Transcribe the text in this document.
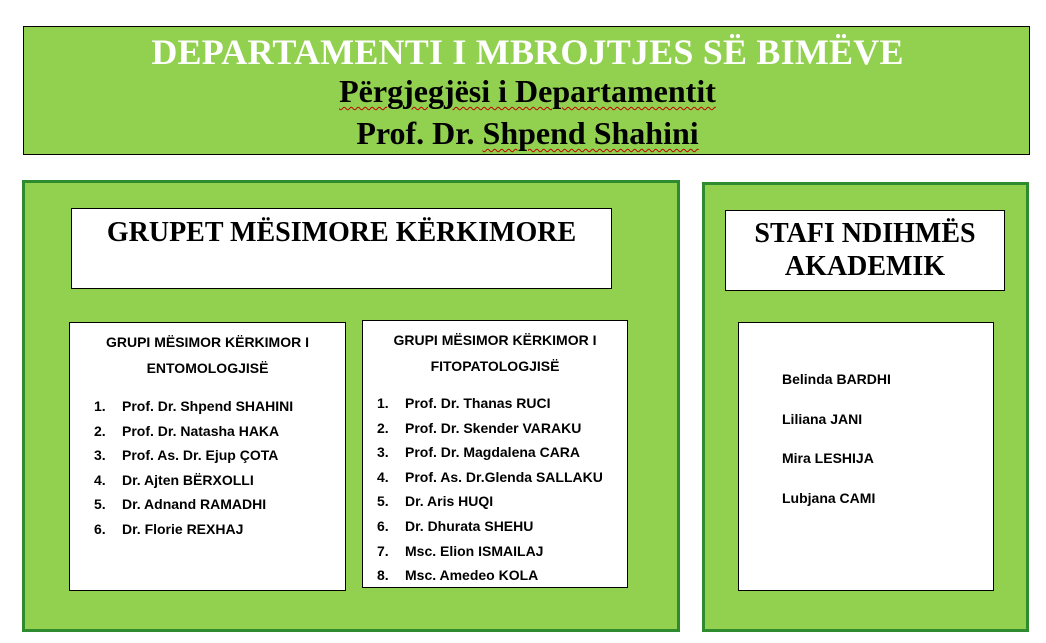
DEPARTAMENTI I MBROJTJES SË BIMËVE
Përgjegjësi i Departamentit
Prof. Dr. Shpend Shahini
GRUPET MËSIMORE KËRKIMORE
GRUPI MËSIMOR KËRKIMOR I
ENTOMOLOGJISË
1. Prof. Dr. Shpend SHAHINI
2. Prof. Dr. Natasha HAKA
3. Prof. As. Dr. Ejup ÇOTA
4. Dr. Ajten BËRXOLLI
5. Dr. Adnand RAMADHI
6. Dr. Florie REXHAJ
GRUPI MËSIMOR KËRKIMOR I
FITOPATOLOGJISË
1. Prof. Dr. Thanas RUCI
2. Prof. Dr. Skender VARAKU
3. Prof. Dr. Magdalena CARA
4. Prof. As. Dr.Glenda SALLAKU
5. Dr. Aris HUQI
6. Dr. Dhurata SHEHU
7. Msc. Elion ISMAILAJ
8. Msc. Amedeo KOLA
STAFI NDIHMËS
AKADEMIK
Belinda BARDHI
Liliana JANI
Mira LESHIJA
Lubjana CAMI
